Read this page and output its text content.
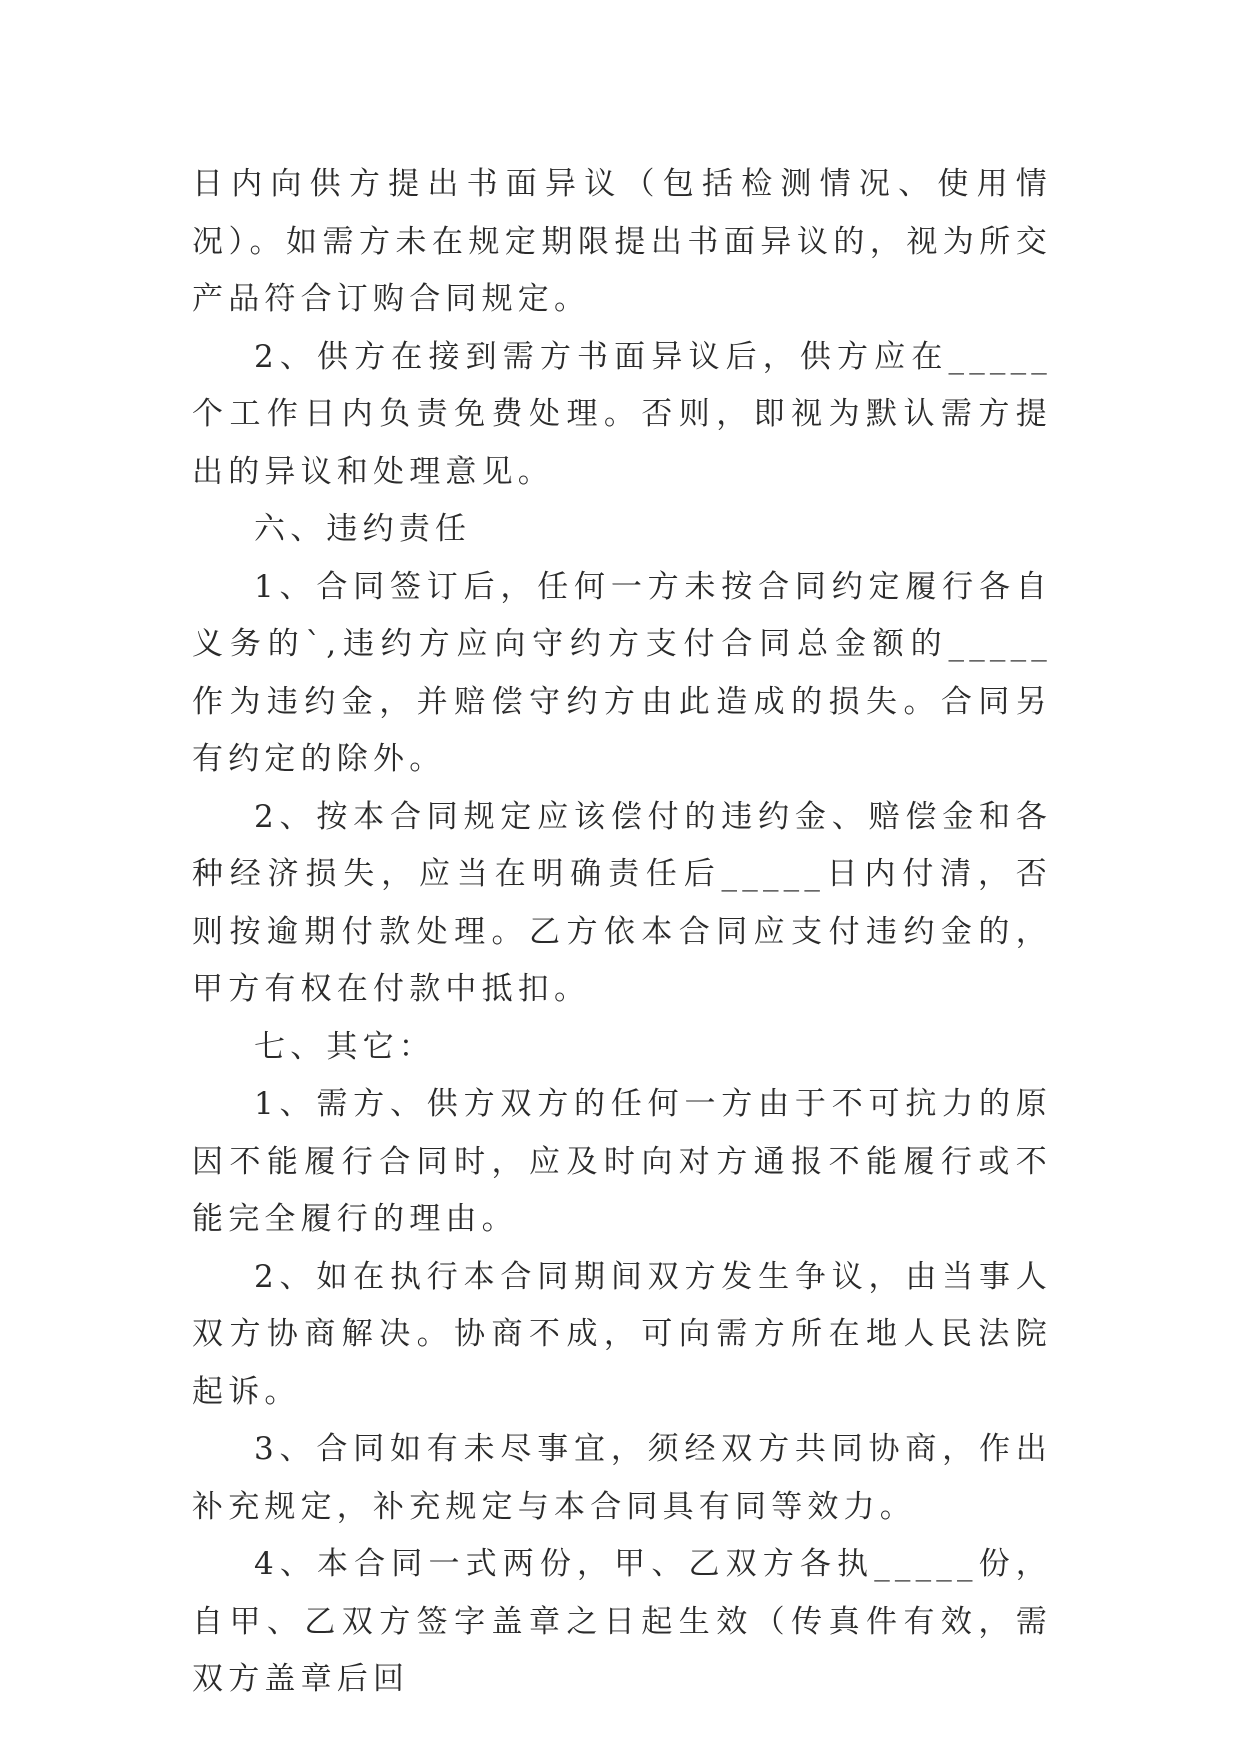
日内向供方提出书面异议（包括检测情况、使用情况）。如需方未在规定期限提出书面异议的，视为所交产品符合订购合同规定。

2、供方在接到需方书面异议后，供方应在_____个工作日内负责免费处理。否则，即视为默认需方提出的异议和处理意见。

六、违约责任

1、合同签订后，任何一方未按合同约定履行各自义务的`,违约方应向守约方支付合同总金额的_____作为违约金，并赔偿守约方由此造成的损失。合同另有约定的除外。

2、按本合同规定应该偿付的违约金、赔偿金和各种经济损失，应当在明确责任后_____日内付清，否则按逾期付款处理。乙方依本合同应支付违约金的，甲方有权在付款中抵扣。

七、其它：

1、需方、供方双方的任何一方由于不可抗力的原因不能履行合同时，应及时向对方通报不能履行或不能完全履行的理由。

2、如在执行本合同期间双方发生争议，由当事人双方协商解决。协商不成，可向需方所在地人民法院起诉。

3、合同如有未尽事宜，须经双方共同协商，作出补充规定，补充规定与本合同具有同等效力。

4、本合同一式两份，甲、乙双方各执_____份，自甲、乙双方签字盖章之日起生效（传真件有效，需双方盖章后回
